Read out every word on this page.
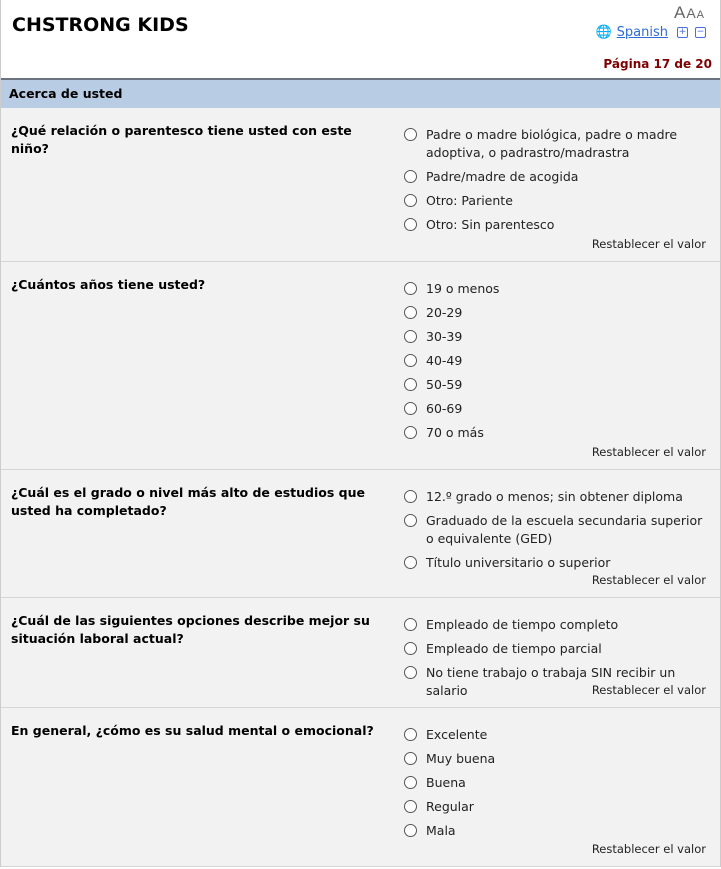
CHSTRONG KIDS
AAA
🌐 Spanish + −
Página 17 de 20
Acerca de usted
¿Qué relación o parentesco tiene usted con este niño?
Padre o madre biológica, padre o madre adoptiva, o padrastro/madrastra
Padre/madre de acogida
Otro: Pariente
Otro: Sin parentesco
Restablecer el valor
¿Cuántos años tiene usted?	19 o menos
20-29
30-39
40-49
50-59
60-69
70 o más
Restablecer el valor
¿Cuál es el grado o nivel más alto de estudios que usted ha completado?
12.º grado o menos; sin obtener diploma
Graduado de la escuela secundaria superior o equivalente (GED)
Título universitario o superior
Restablecer el valor
¿Cuál de las siguientes opciones describe mejor su situación laboral actual?
Empleado de tiempo completo
Empleado de tiempo parcial
No tiene trabajo o trabaja SIN recibir un salario	Restablecer el valor
En general, ¿cómo es su salud mental o emocional?	Excelente
Muy buena
Buena
Regular
Mala
Restablecer el valor
